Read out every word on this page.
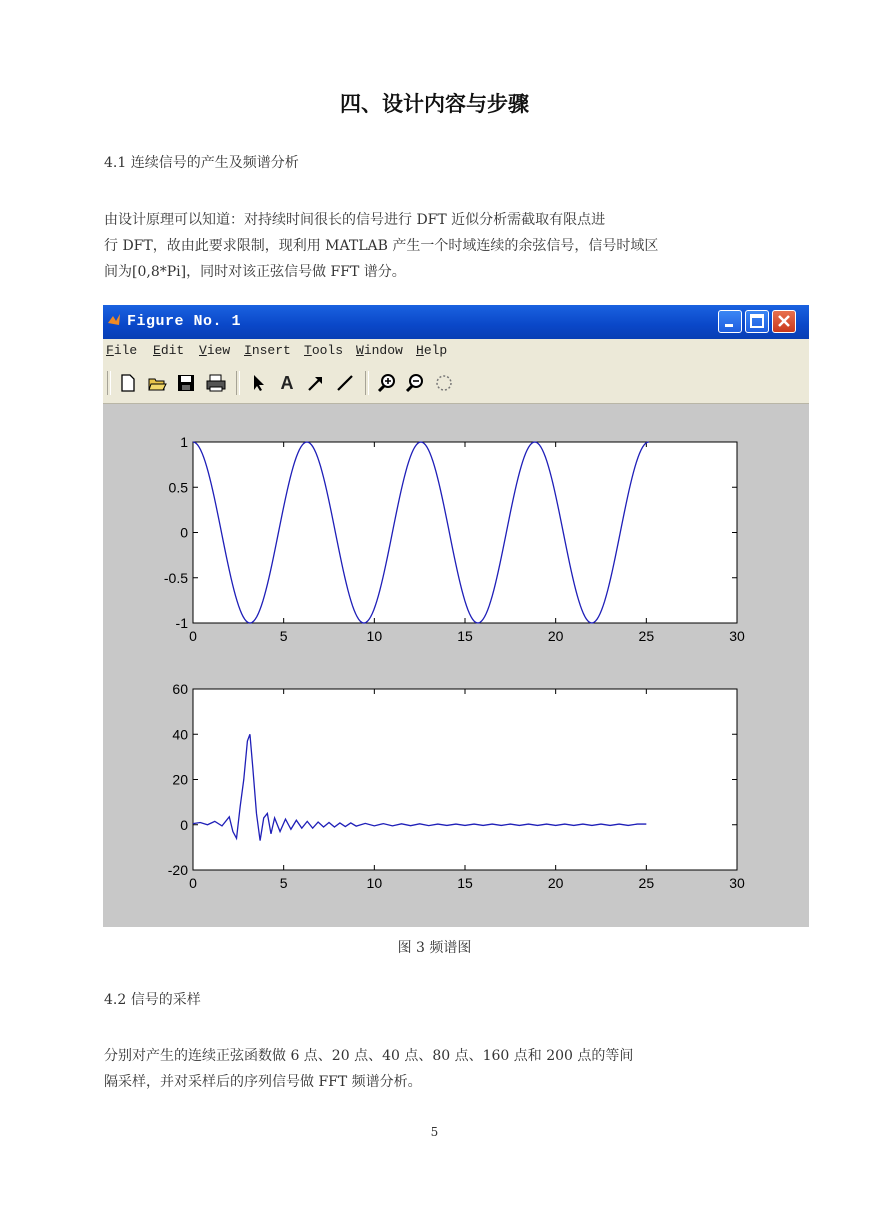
四、设计内容与步骤
4.1 连续信号的产生及频谱分析
由设计原理可以知道：对持续时间很长的信号进行 DFT 近似分析需截取有限点进
行 DFT，故由此要求限制，现利用 MATLAB 产生一个时域连续的余弦信号，信号时域区
间为[0,8*Pi]，同时对该正弦信号做 FFT 谱分。
Figure No. 1
File Edit View Insert Tools Window Help
A
0	5	10	15	20	25	30
1
0.5
0
-0.5
-1
0	5	10	15	20	25	30
60
40
20
0
-20
图 3 频谱图
4.2 信号的采样
分别对产生的连续正弦函数做 6 点、20 点、40 点、80 点、160 点和 200 点的等间
隔采样，并对采样后的序列信号做 FFT 频谱分析。
5
